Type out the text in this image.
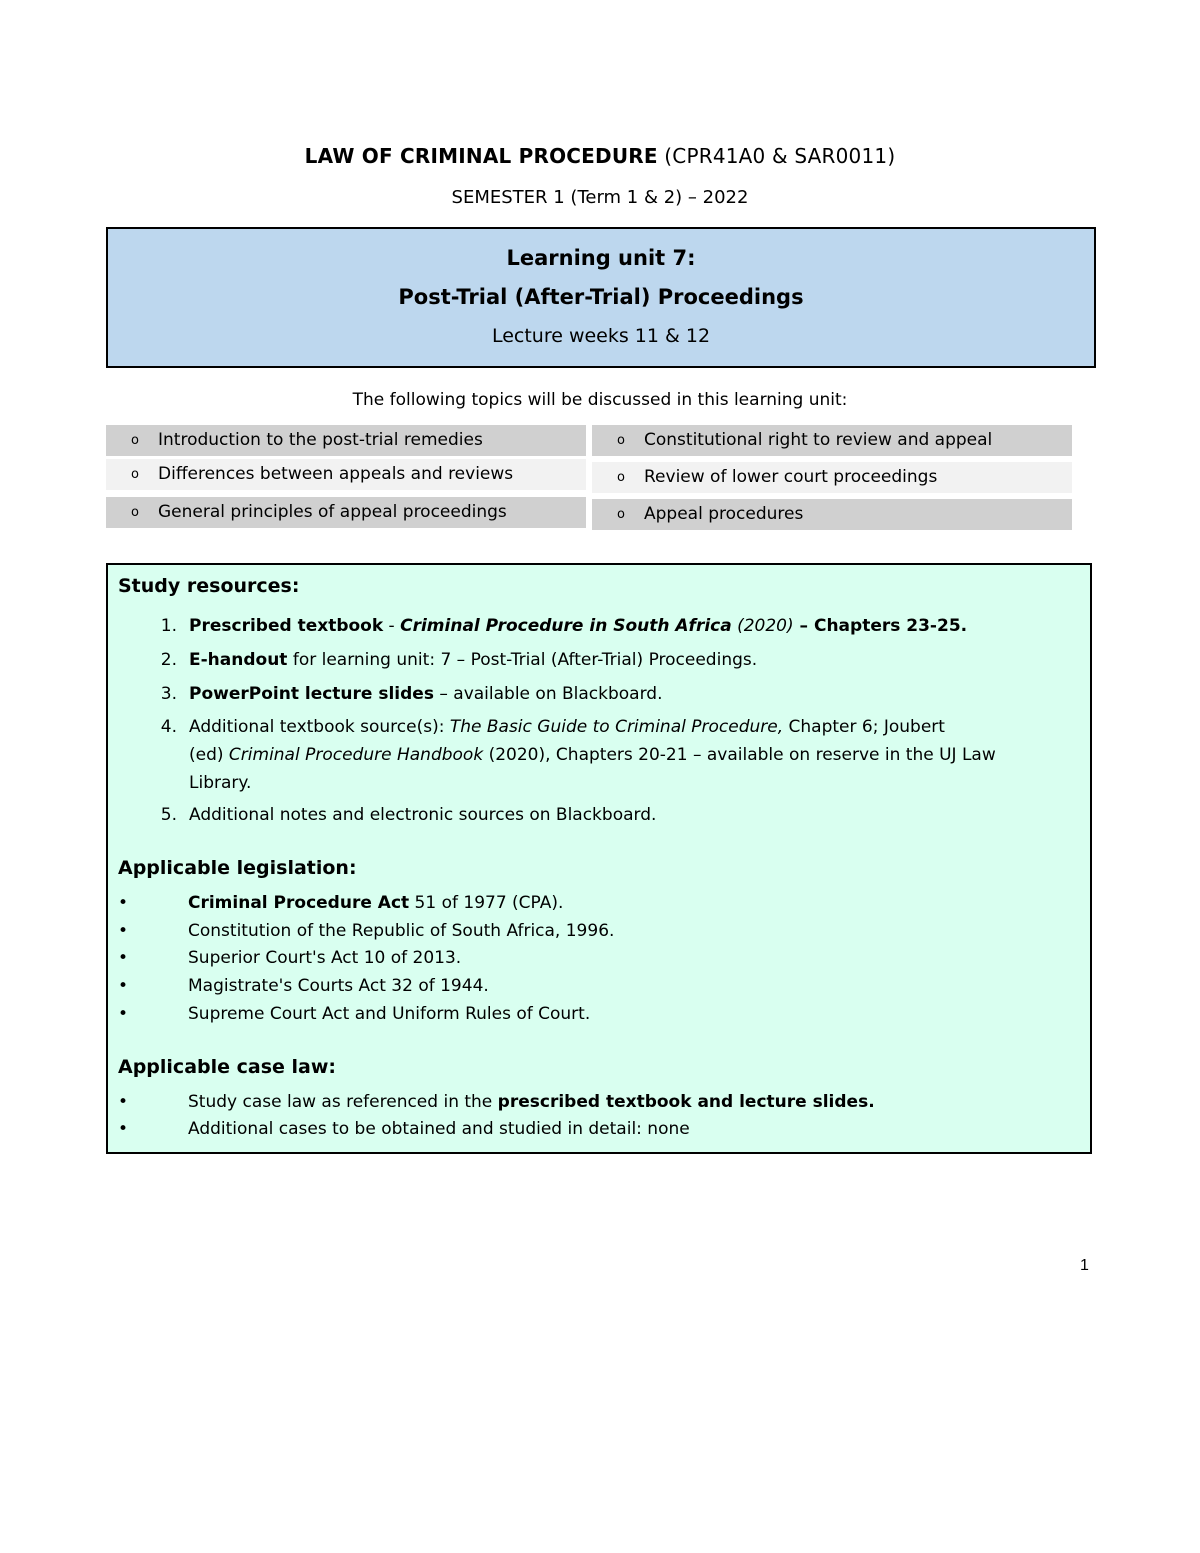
LAW OF CRIMINAL PROCEDURE (CPR41A0 & SAR0011)
SEMESTER 1 (Term 1 & 2) – 2022
Learning unit 7:
Post-Trial (After-Trial) Proceedings
Lecture weeks 11 & 12
The following topics will be discussed in this learning unit:
o Introduction to the post-trial remedies
o Differences between appeals and reviews
o General principles of appeal proceedings
o Constitutional right to review and appeal
o Review of lower court proceedings
o Appeal procedures
Study resources:
1. Prescribed textbook - Criminal Procedure in South Africa (2020) – Chapters 23-25.
2. E-handout for learning unit: 7 – Post-Trial (After-Trial) Proceedings.
3. PowerPoint lecture slides – available on Blackboard.
4. Additional textbook source(s): The Basic Guide to Criminal Procedure, Chapter 6; Joubert
(ed) Criminal Procedure Handbook (2020), Chapters 20-21 – available on reserve in the UJ Law
Library.
5. Additional notes and electronic sources on Blackboard.
Applicable legislation:
•	Criminal Procedure Act 51 of 1977 (CPA).
•	Constitution of the Republic of South Africa, 1996.
•	Superior Court's Act 10 of 2013.
•	Magistrate's Courts Act 32 of 1944.
•	Supreme Court Act and Uniform Rules of Court.
Applicable case law:
•	Study case law as referenced in the prescribed textbook and lecture slides.
•	Additional cases to be obtained and studied in detail: none
1
